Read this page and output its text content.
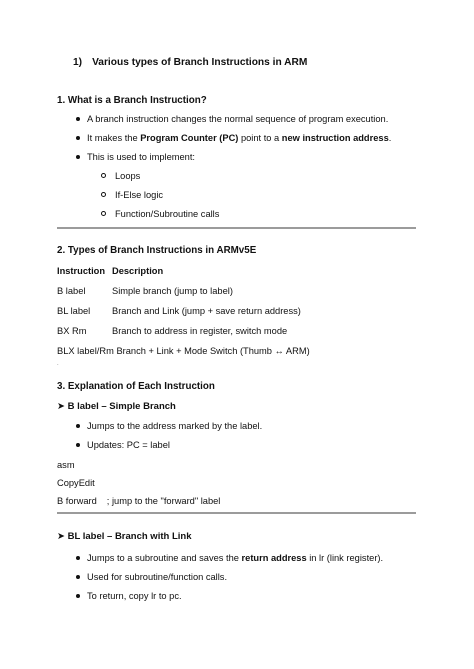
1) Various types of Branch Instructions in ARM
1. What is a Branch Instruction?
A branch instruction changes the normal sequence of program execution.
It makes the Program Counter (PC) point to a new instruction address.
This is used to implement:
Loops
If-Else logic
Function/Subroutine calls
2. Types of Branch Instructions in ARMv5E
Instruction Description
B label	Simple branch (jump to label)
BL label Branch and Link (jump + save return address)
BX Rm	Branch to address in register, switch mode
BLX label/Rm Branch + Link + Mode Switch (Thumb ↔ ARM)
.
3. Explanation of Each Instruction
➤ B label – Simple Branch
Jumps to the address marked by the label.
Updates: PC = label
asm
CopyEdit
B forward ; jump to the "forward" label
➤ BL label – Branch with Link
Jumps to a subroutine and saves the return address in lr (link register).
Used for subroutine/function calls.
To return, copy lr to pc.
